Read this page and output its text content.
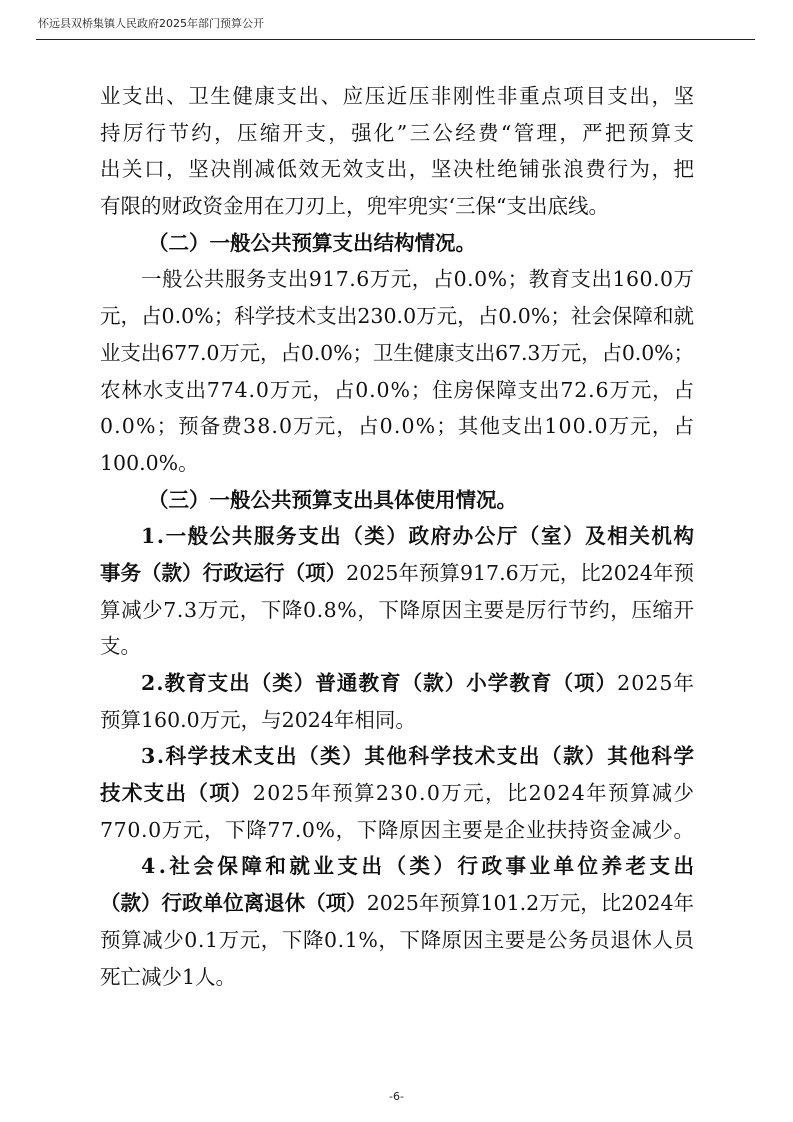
怀远县双桥集镇人民政府2025年部门预算公开
业支出、卫生健康支出、应压近压非刚性非重点项目支出，坚
持厉行节约，压缩开支，强化”三公经费“管理，严把预算支
出关口，坚决削减低效无效支出，坚决杜绝铺张浪费行为，把
有限的财政资金用在刀刃上，兜牢兜实‘三保“支出底线。
（二）一般公共预算支出结构情况。
一般公共服务支出917.6万元，占0.0%；教育支出160.0万
元，占0.0%；科学技术支出230.0万元，占0.0%；社会保障和就
业支出677.0万元，占0.0%；卫生健康支出67.3万元，占0.0%；
农林水支出774.0万元，占0.0%；住房保障支出72.6万元，占
0.0%；预备费38.0万元，占0.0%；其他支出100.0万元，占
100.0%。
（三）一般公共预算支出具体使用情况。
1.一般公共服务支出（类）政府办公厅（室）及相关机构
事务（款）行政运行（项）2025年预算917.6万元，比2024年预
算减少7.3万元，下降0.8%，下降原因主要是厉行节约，压缩开
支。
2.教育支出（类）普通教育（款）小学教育（项）2025年
预算160.0万元，与2024年相同。
3.科学技术支出（类）其他科学技术支出（款）其他科学
技术支出（项）2025年预算230.0万元，比2024年预算减少
770.0万元，下降77.0%，下降原因主要是企业扶持资金减少。
4.社会保障和就业支出（类）行政事业单位养老支出
（款）行政单位离退休（项）2025年预算101.2万元，比2024年
预算减少0.1万元，下降0.1%，下降原因主要是公务员退休人员
死亡减少1人。
-6-
